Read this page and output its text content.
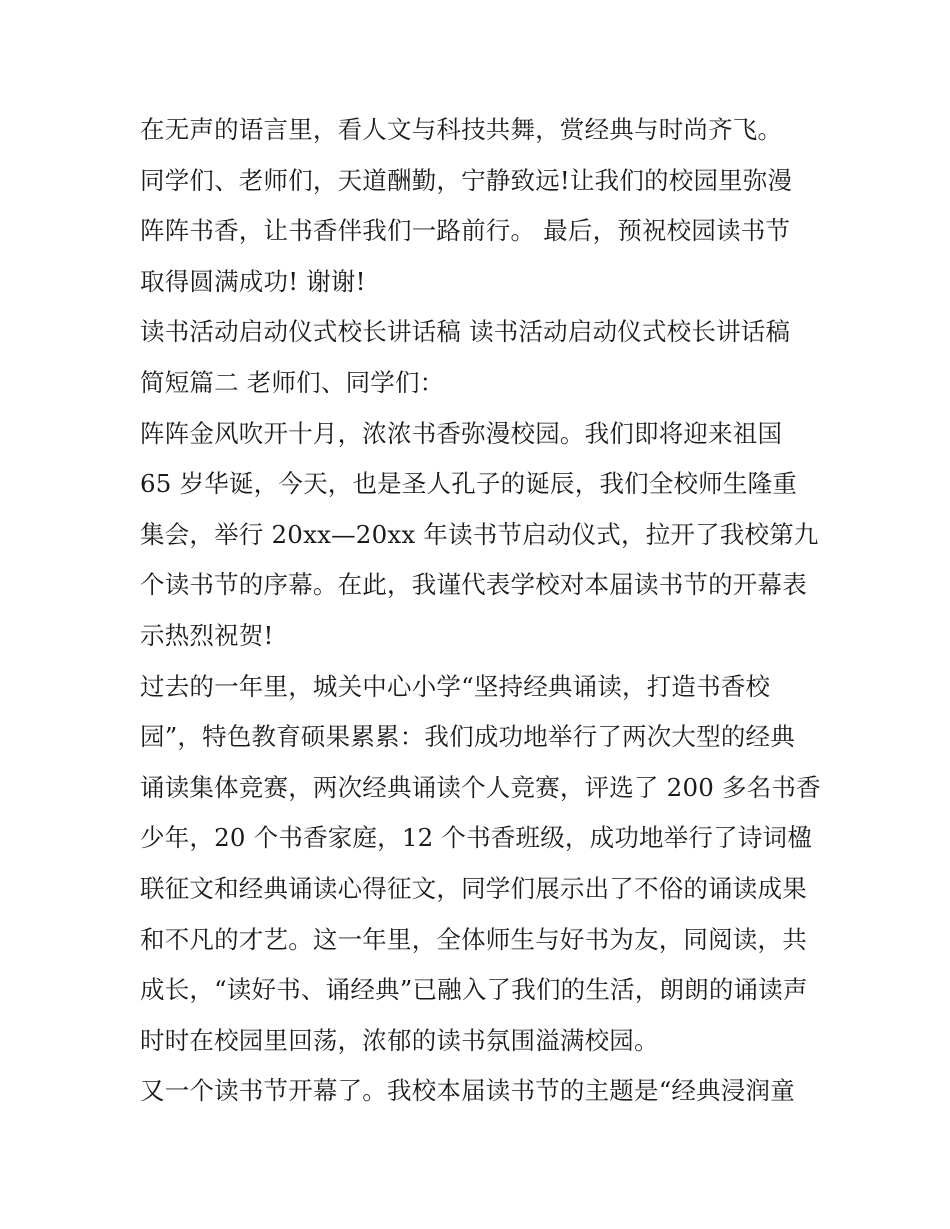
在无声的语言里，看人文与科技共舞，赏经典与时尚齐飞。
同学们、老师们，天道酬勤，宁静致远!让我们的校园里弥漫
阵阵书香，让书香伴我们一路前行。 最后，预祝校园读书节
取得圆满成功! 谢谢!
读书活动启动仪式校长讲话稿 读书活动启动仪式校长讲话稿
简短篇二 老师们、同学们：
阵阵金风吹开十月，浓浓书香弥漫校园。我们即将迎来祖国
65 岁华诞，今天，也是圣人孔子的诞辰，我们全校师生隆重
集会，举行 20xx—20xx 年读书节启动仪式，拉开了我校第九
个读书节的序幕。在此，我谨代表学校对本届读书节的开幕表
示热烈祝贺!
过去的一年里，城关中心小学“坚持经典诵读，打造书香校
园”，特色教育硕果累累：我们成功地举行了两次大型的经典
诵读集体竞赛，两次经典诵读个人竞赛，评选了 200 多名书香
少年，20 个书香家庭，12 个书香班级，成功地举行了诗词楹
联征文和经典诵读心得征文，同学们展示出了不俗的诵读成果
和不凡的才艺。这一年里，全体师生与好书为友，同阅读，共
成长，“读好书、诵经典”已融入了我们的生活，朗朗的诵读声
时时在校园里回荡，浓郁的读书氛围溢满校园。
又一个读书节开幕了。我校本届读书节的主题是“经典浸润童
